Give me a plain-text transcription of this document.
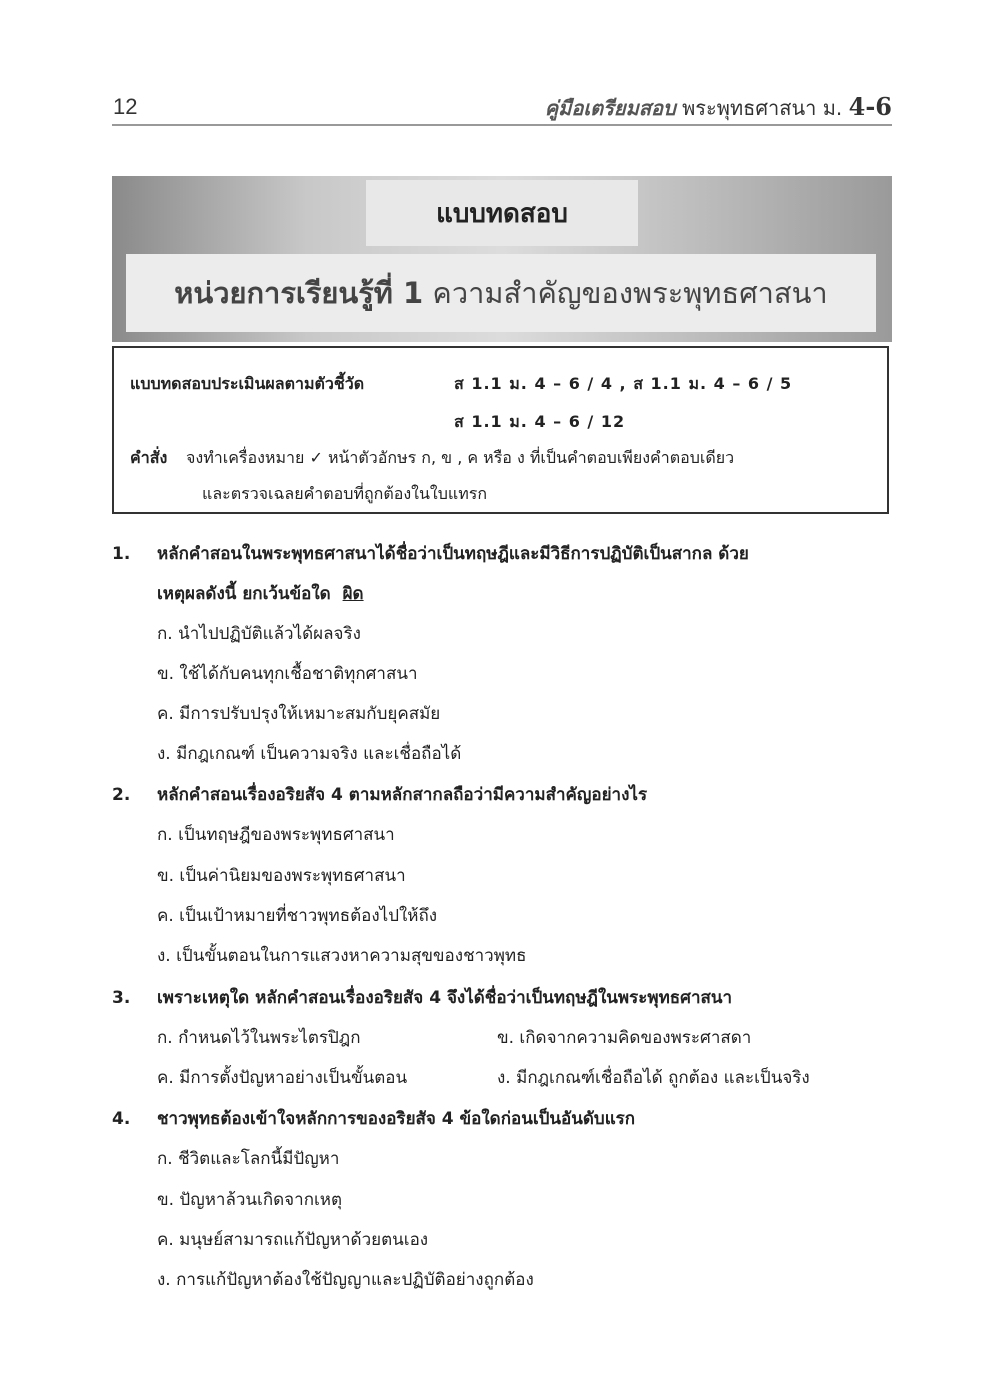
12	คู่มือเตรียมสอบ พระพุทธศาสนา ม. 4-6
แบบทดสอบ
หน่วยการเรียนรู้ที่ 1
ความสำคัญของพระพุทธศาสนา
แบบทดสอบประเมินผลตามตัวชี้วัด	ส 1.1 ม. 4 – 6 / 4 , ส 1.1 ม. 4 – 6 / 5
ส 1.1 ม. 4 – 6 / 12
คำสั่ง จงทำเครื่องหมาย ✓ หน้าตัวอักษร ก, ข , ค หรือ ง ที่เป็นคำตอบเพียงคำตอบเดียว
และตรวจเฉลยคำตอบที่ถูกต้องในใบแทรก
1. หลักคำสอนในพระพุทธศาสนาได้ชื่อว่าเป็นทฤษฎีและมีวิธีการปฏิบัติเป็นสากล ด้วย
เหตุผลดังนี้ ยกเว้นข้อใด ผิด
ก. นำไปปฏิบัติแล้วได้ผลจริง
ข. ใช้ได้กับคนทุกเชื้อชาติทุกศาสนา
ค. มีการปรับปรุงให้เหมาะสมกับยุคสมัย
ง. มีกฎเกณฑ์ เป็นความจริง และเชื่อถือได้
2. หลักคำสอนเรื่องอริยสัจ 4 ตามหลักสากลถือว่ามีความสำคัญอย่างไร
ก. เป็นทฤษฎีของพระพุทธศาสนา
ข. เป็นค่านิยมของพระพุทธศาสนา
ค. เป็นเป้าหมายที่ชาวพุทธต้องไปให้ถึง
ง. เป็นขั้นตอนในการแสวงหาความสุขของชาวพุทธ
3. เพราะเหตุใด หลักคำสอนเรื่องอริยสัจ 4 จึงได้ชื่อว่าเป็นทฤษฎีในพระพุทธศาสนา
ก. กำหนดไว้ในพระไตรปิฎก	ข. เกิดจากความคิดของพระศาสดา
ค. มีการตั้งปัญหาอย่างเป็นขั้นตอน	ง. มีกฎเกณฑ์เชื่อถือได้ ถูกต้อง และเป็นจริง
4. ชาวพุทธต้องเข้าใจหลักการของอริยสัจ 4 ข้อใดก่อนเป็นอันดับแรก
ก. ชีวิตและโลกนี้มีปัญหา
ข. ปัญหาล้วนเกิดจากเหตุ
ค. มนุษย์สามารถแก้ปัญหาด้วยตนเอง
ง. การแก้ปัญหาต้องใช้ปัญญาและปฏิบัติอย่างถูกต้อง
